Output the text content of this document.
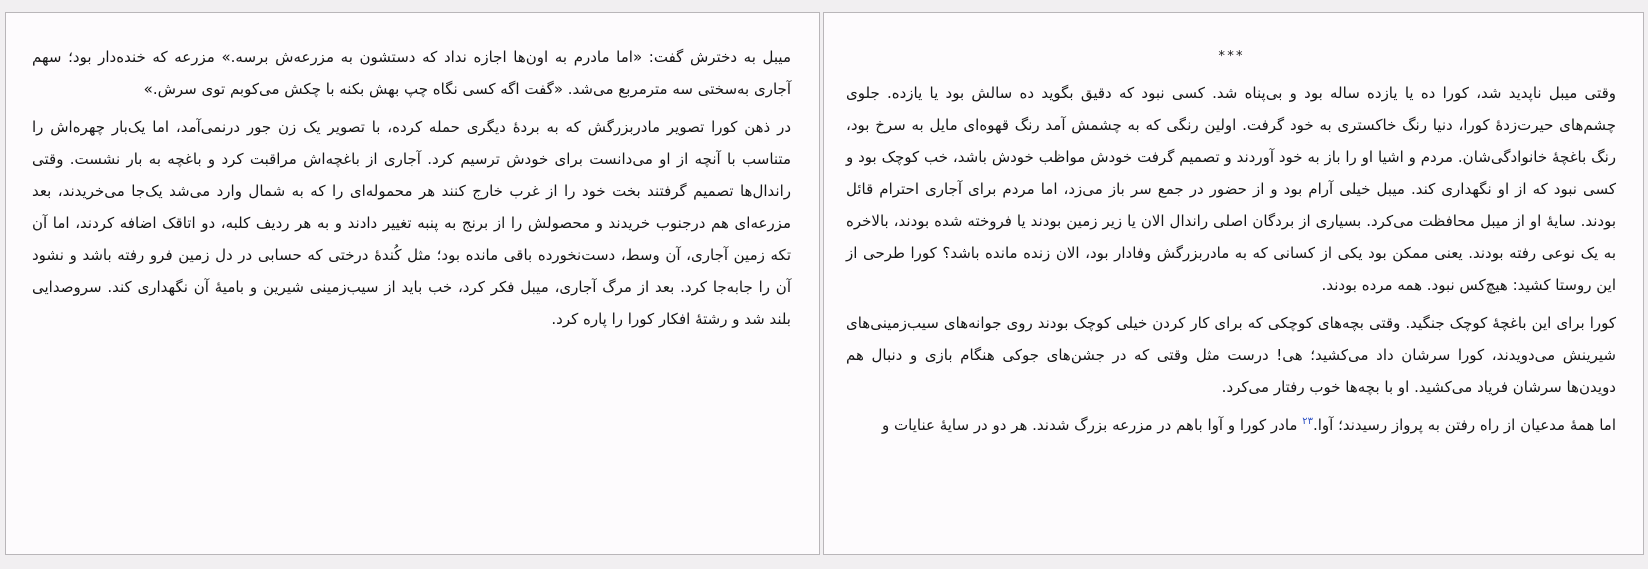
میبل به دخترش گفت: «اما مادرم به اون‌ها اجازه نداد که دستشون به مزرعه‌ش برسه.» مزرعه که خنده‌دار بود؛ سهم آجاری به‌سختی سه مترمربع می‌شد. «گفت اگه کسی نگاه چپ بهش بکنه با چکش می‌کوبم توی سرش.»

در ذهن کورا تصویر مادربزرگش که به بردهٔ دیگری حمله کرده، با تصویر یک زن جور درنمی‌آمد، اما یک‌بار چهره‌اش را متناسب با آنچه از او می‌دانست برای خودش ترسیم کرد. آجاری از باغچه‌اش مراقبت کرد و باغچه به بار نشست. وقتی راندال‌ها تصمیم گرفتند بخت خود را از غرب خارج کنند هر محموله‌ای را که به شمال وارد می‌شد یک‌جا می‌خریدند، بعد مزرعه‌ای هم درجنوب خریدند و محصولش را از برنج به پنبه تغییر دادند و به هر ردیف کلبه، دو اتاقک اضافه کردند، اما آن تکه زمین آجاری، آن وسط، دست‌نخورده باقی مانده بود؛ مثل کُندهٔ درختی که حسابی در دل زمین فرو رفته باشد و نشود آن را جابه‌جا کرد. بعد از مرگ آجاری، میبل فکر کرد، خب باید از سیب‌زمینی شیرین و بامیهٔ آن نگهداری کند. سروصدایی بلند شد و رشتهٔ افکار کورا را پاره کرد.

***

وقتی میبل ناپدید شد، کورا ده یا یازده ساله بود و بی‌پناه شد. کسی نبود که دقیق بگوید ده سالش بود یا یازده. جلوی چشم‌های حیرت‌زدهٔ کورا، دنیا رنگ خاکستری به خود گرفت. اولین رنگی که به چشمش آمد رنگ قهوه‌ای مایل به سرخ بود، رنگ باغچهٔ خانوادگی‌شان. مردم و اشیا او را باز به خود آوردند و تصمیم گرفت خودش مواظب خودش باشد، خب کوچک بود و کسی نبود که از او نگهداری کند. میبل خیلی آرام بود و از حضور در جمع سر باز می‌زد، اما مردم برای آجاری احترام قائل بودند. سایهٔ او از میبل محافظت می‌کرد. بسیاری از بردگان اصلی راندال الان یا زیر زمین بودند یا فروخته شده بودند، بالاخره به یک نوعی رفته بودند. یعنی ممکن بود یکی از کسانی که به مادربزرگش وفادار بود، الان زنده مانده باشد؟ کورا طرحی از این روستا کشید: هیچ‌کس نبود. همه مرده بودند.

کورا برای این باغچهٔ کوچک جنگید. وقتی بچه‌های کوچکی که برای کار کردن خیلی کوچک بودند روی جوانه‌های سیب‌زمینی‌های شیرینش می‌دویدند، کورا سرشان داد می‌کشید؛ هی! درست مثل وقتی که در جشن‌های جوکی هنگام بازی و دنبال هم دویدن‌ها سرشان فریاد می‌کشید. او با بچه‌ها خوب رفتار می‌کرد.

اما همهٔ مدعیان از راه رفتن به پرواز رسیدند؛ آوا.$^{۲۳}$ مادر کورا و آوا باهم در مزرعه بزرگ شدند. هر دو در سایهٔ عنایات و
